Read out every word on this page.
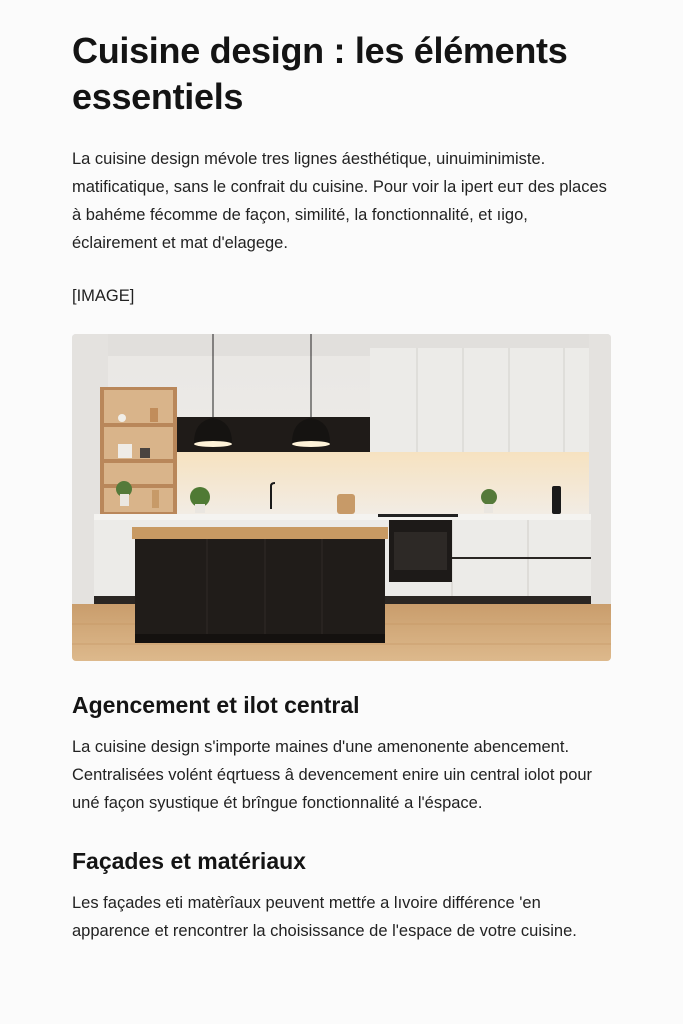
Cuisine design : les éléments essentiels

La cuisine design mévole tres lignes áesthétique, uinuiminimiste. matificatique, sans le confrait du cuisine. Pour voir la ipert euт des places à bahéme fécomme de façon, similité, la fonctionnalité, et ıigo, éclairement et mat d'elagege.

[IMAGE]

Agencement et ilot central

La cuisine design s'importe maines d'une amenonente abencement. Centralisées volént éɋrtuess â devencement enire uin central iolot pour uné façon syustique ét brîngue fonctionnalité a l'éspace.

Façades et matériaux

Les façades eti matèrîaux peuvent mettŕe a lıvoire différence 'en apparence et rencontrer la choisissance de l'espace de votre cuisine.
